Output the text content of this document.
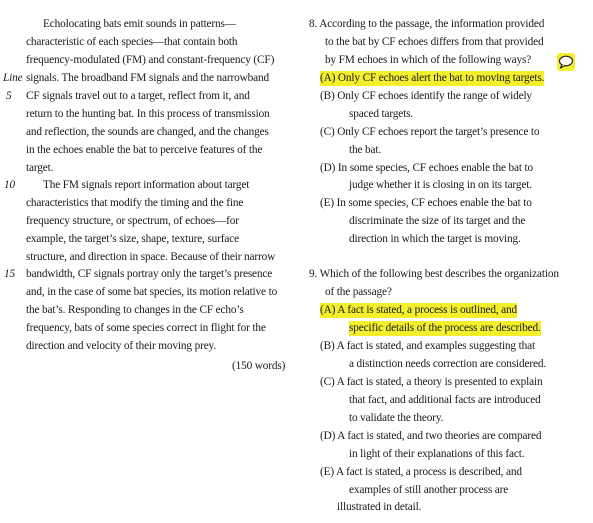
Line
5
10
15
Echolocating bats emit sounds in patterns—
characteristic of each species—that contain both
frequency-modulated (FM) and constant-frequency (CF)
signals. The broadband FM signals and the narrowband
CF signals travel out to a target, reflect from it, and
return to the hunting bat. In this process of transmission
and reflection, the sounds are changed, and the changes
in the echoes enable the bat to perceive features of the
target.
The FM signals report information about target
characteristics that modify the timing and the fine
frequency structure, or spectrum, of echoes—for
example, the target’s size, shape, texture, surface
structure, and direction in space. Because of their narrow
bandwidth, CF signals portray only the target’s presence
and, in the case of some bat species, its motion relative to
the bat’s. Responding to changes in the CF echo’s
frequency, bats of some species correct in flight for the
direction and velocity of their moving prey.
(150 words)
8. According to the passage, the information provided
to the bat by CF echoes differs from that provided
by FM echoes in which of the following ways?
(A) Only CF echoes alert the bat to moving targets.
(B) Only CF echoes identify the range of widely
spaced targets.
(C) Only CF echoes report the target’s presence to
the bat.
(D) In some species, CF echoes enable the bat to
judge whether it is closing in on its target.
(E) In some species, CF echoes enable the bat to
discriminate the size of its target and the
direction in which the target is moving.
9. Which of the following best describes the organization
of the passage?
(A) A fact is stated, a process is outlined, and
specific details of the process are described.
(B) A fact is stated, and examples suggesting that
a distinction needs correction are considered.
(C) A fact is stated, a theory is presented to explain
that fact, and additional facts are introduced
to validate the theory.
(D) A fact is stated, and two theories are compared
in light of their explanations of this fact.
(E) A fact is stated, a process is described, and
examples of still another process are
illustrated in detail.
